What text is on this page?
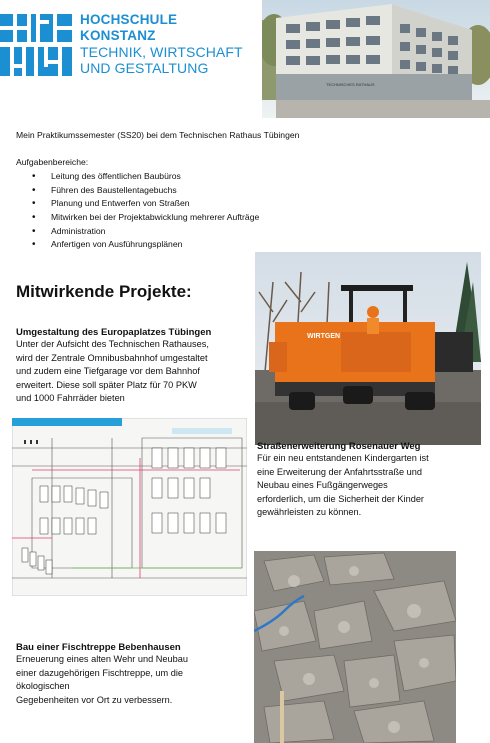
HOCHSCHULE
KONSTANZ
TECHNIK, WIRTSCHAFT
UND GESTALTUNG
TECHNISCHES RATHAUS
Mein Praktikumssemester (SS20) bei dem Technischen Rathaus Tübingen
Aufgabenbereiche:
• Leitung des öffentlichen Baubüros
• Führen des Baustellentagebuchs
• Planung und Entwerfen von Straßen
• Mitwirken bei der Projektabwicklung mehrerer Aufträge
• Administration
• Anfertigen von Ausführungsplänen
Mitwirkende Projekte:
Umgestaltung des Europaplatzes Tübingen
Unter der Aufsicht des Technischen Rathauses,
wird der Zentrale Omnibusbahnhof umgestaltet
und zudem eine Tiefgarage vor dem Bahnhof
erweitert. Diese soll später Platz für 70 PKW
und 1000 Fahrräder bieten
WIRTGEN
Straßenerweiterung Rosenauer Weg
Für ein neu entstandenen Kindergarten ist
eine Erweiterung der Anfahrtsstraße und
Neubau eines Fußgängerweges
erforderlich, um die Sicherheit der Kinder
gewährleisten zu können.
Bau einer Fischtreppe Bebenhausen
Erneuerung eines alten Wehr und Neubau
einer dazugehörigen Fischtreppe, um die
ökologischen
Gegebenheiten vor Ort zu verbessern.
